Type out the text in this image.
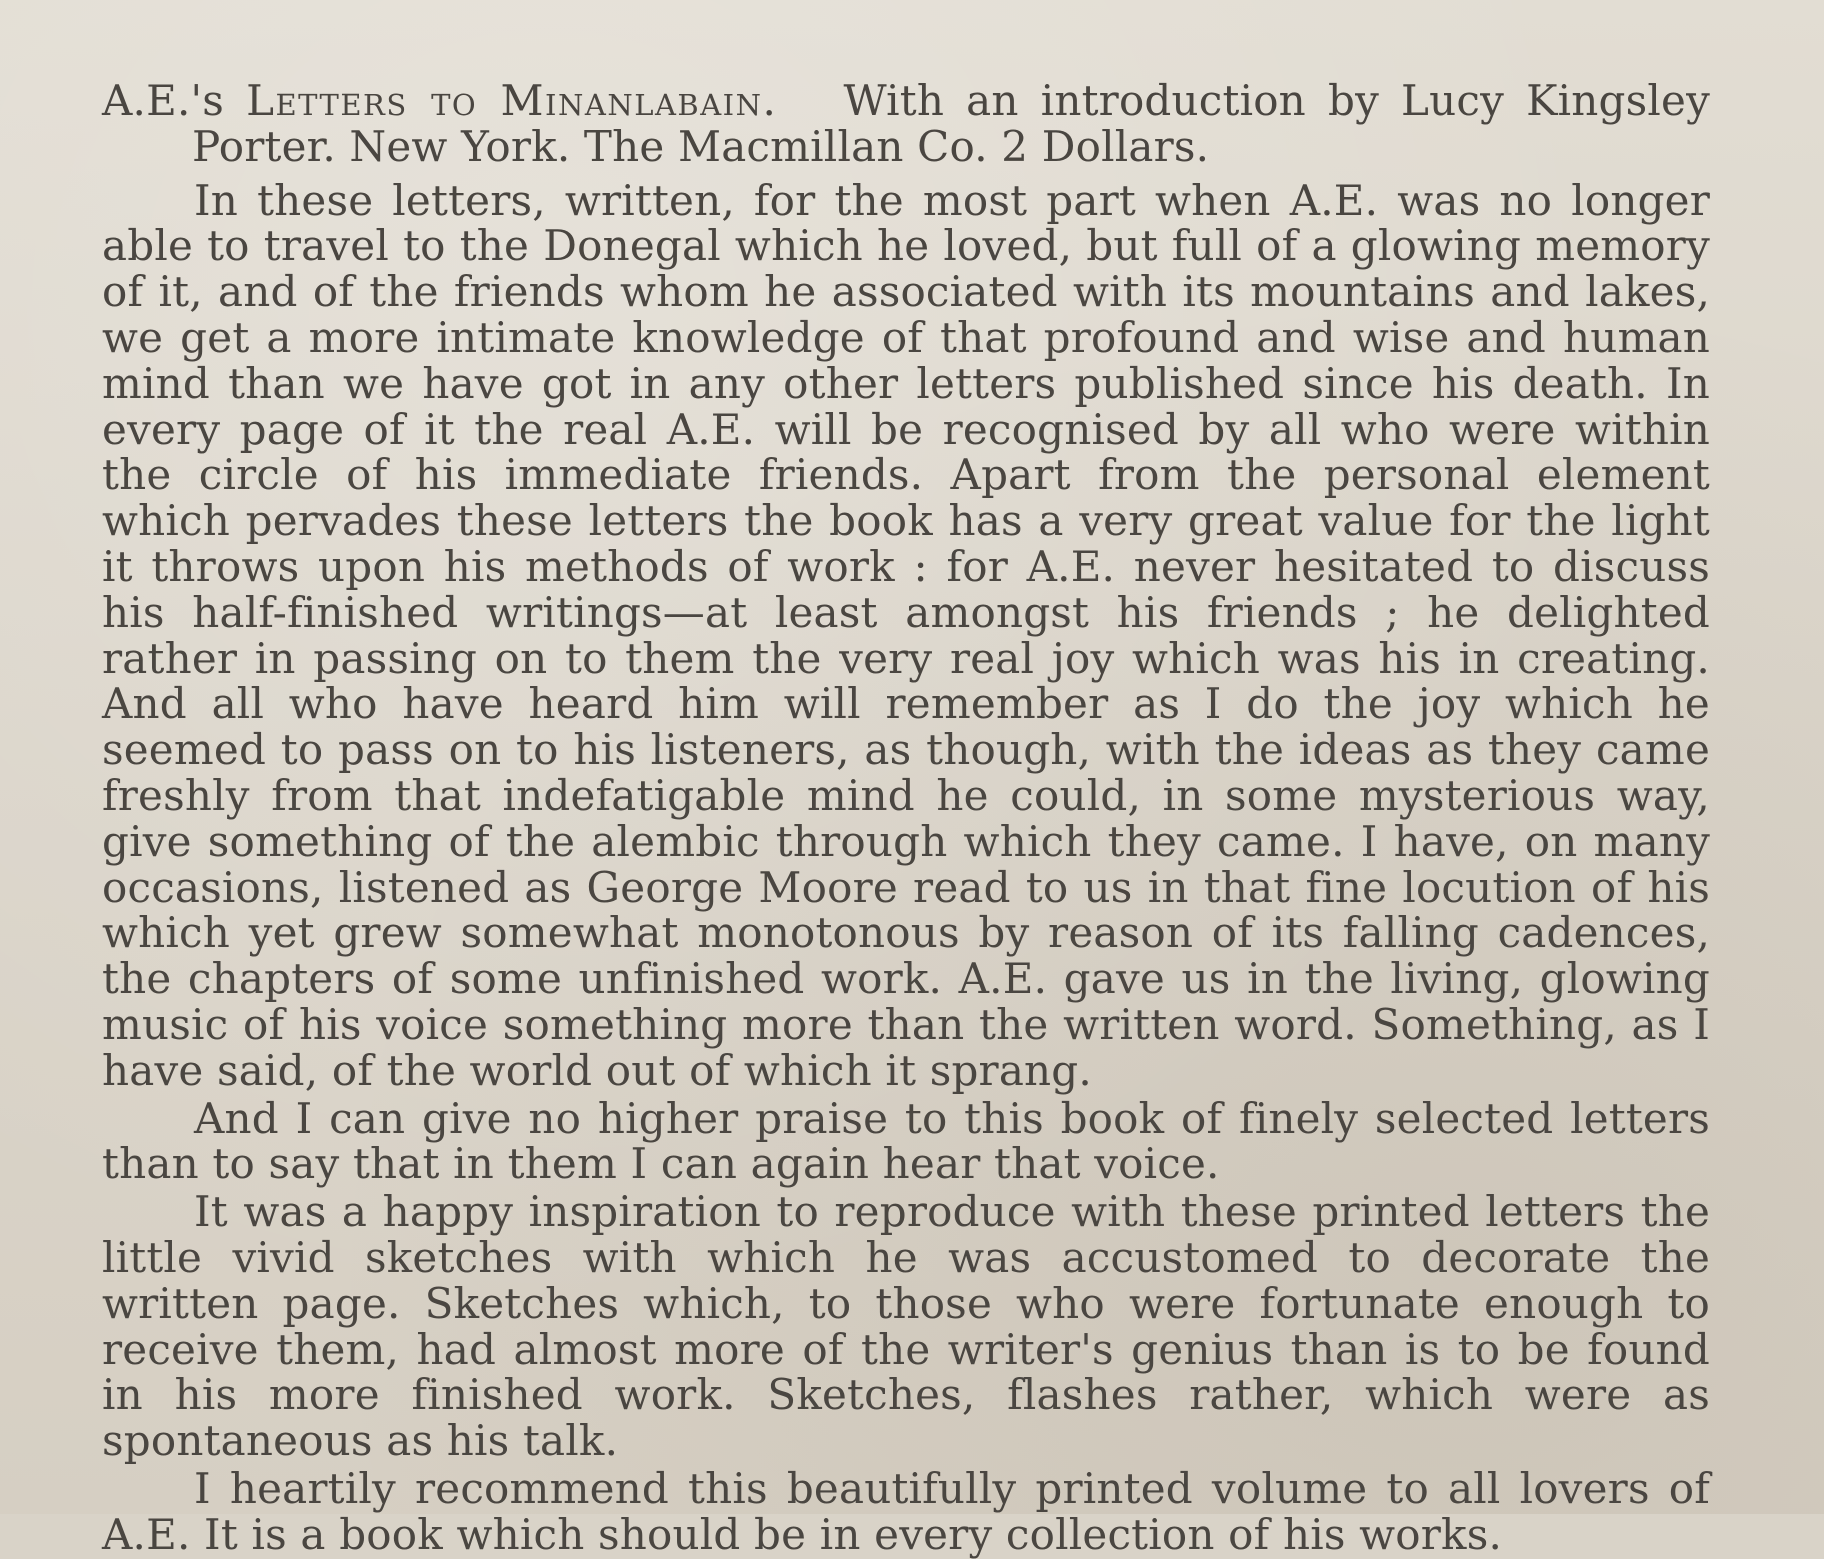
A.E.'s Letters to Minanlabain. With an introduction by Lucy Kingsley Porter. New York. The Macmillan Co. 2 Dollars.

In these letters, written, for the most part when A.E. was no longer able to travel to the Donegal which he loved, but full of a glowing memory of it, and of the friends whom he associated with its mountains and lakes, we get a more intimate knowledge of that profound and wise and human mind than we have got in any other letters published since his death. In every page of it the real A.E. will be recognised by all who were within the circle of his immediate friends. Apart from the personal element which pervades these letters the book has a very great value for the light it throws upon his methods of work : for A.E. never hesitated to discuss his half-finished writings—at least amongst his friends ; he delighted rather in passing on to them the very real joy which was his in creating. And all who have heard him will remember as I do the joy which he seemed to pass on to his listeners, as though, with the ideas as they came freshly from that indefatigable mind he could, in some mysterious way, give something of the alembic through which they came. I have, on many occasions, listened as George Moore read to us in that fine locution of his which yet grew somewhat monotonous by reason of its falling cadences, the chapters of some unfinished work. A.E. gave us in the living, glowing music of his voice something more than the written word. Something, as I have said, of the world out of which it sprang.

And I can give no higher praise to this book of finely selected letters than to say that in them I can again hear that voice.

It was a happy inspiration to reproduce with these printed letters the little vivid sketches with which he was accustomed to decorate the written page. Sketches which, to those who were fortunate enough to receive them, had almost more of the writer's genius than is to be found in his more finished work. Sketches, flashes rather, which were as spontaneous as his talk.

I heartily recommend this beautifully printed volume to all lovers of A.E. It is a book which should be in every collection of his works.
